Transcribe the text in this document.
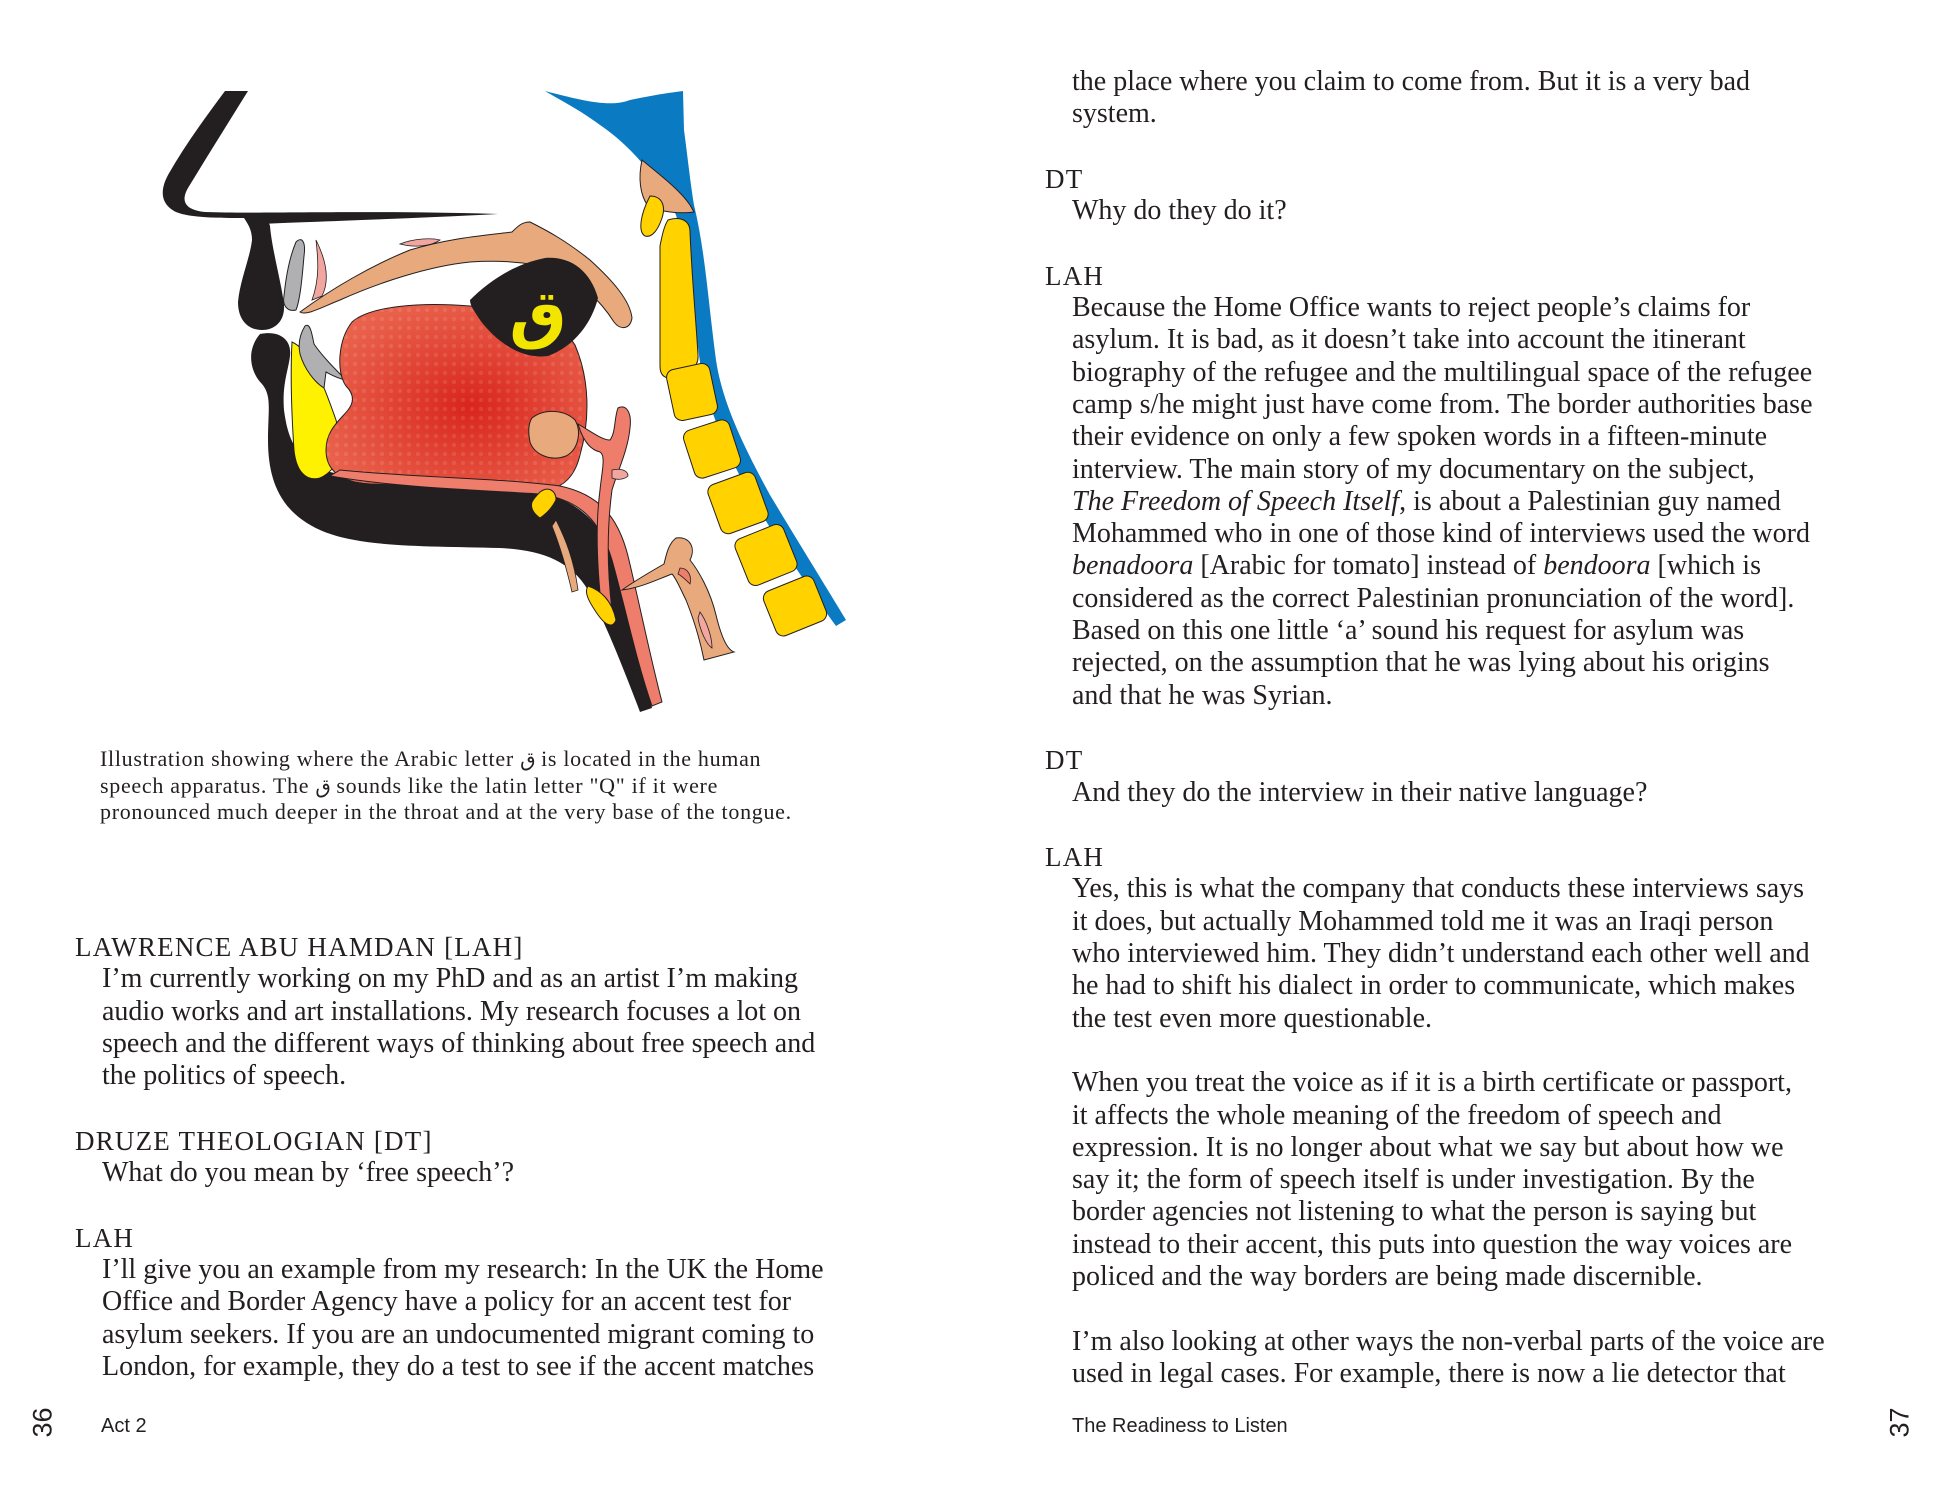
ق
Illustration showing where the Arabic letter ق is located in the human
speech apparatus. The ق sounds like the latin letter "Q" if it were
pronounced much deeper in the throat and at the very base of the tongue.
LAWRENCE ABU HAMDAN [LAH]
I’m currently working on my PhD and as an artist I’m making
audio works and art installations. My research focuses a lot on
speech and the different ways of thinking about free speech and
the politics of speech.
DRUZE THEOLOGIAN [DT]
What do you mean by ‘free speech’?
LAH
I’ll give you an example from my research: In the UK the Home
Office and Border Agency have a policy for an accent test for
asylum seekers. If you are an undocumented migrant coming to
London, for example, they do a test to see if the accent matches
36 Act 2
the place where you claim to come from. But it is a very bad
system.
DT
Why do they do it?
LAH
Because the Home Office wants to reject people’s claims for
asylum. It is bad, as it doesn’t take into account the itinerant
biography of the refugee and the multilingual space of the refugee
camp s/he might just have come from. The border authorities base
their evidence on only a few spoken words in a fifteen-minute
interview. The main story of my documentary on the subject,
The Freedom of Speech Itself, is about a Palestinian guy named
Mohammed who in one of those kind of interviews used the word
benadoora [Arabic for tomato] instead of bendoora [which is
considered as the correct Palestinian pronunciation of the word].
Based on this one little ‘a’ sound his request for asylum was
rejected, on the assumption that he was lying about his origins
and that he was Syrian.
DT
And they do the interview in their native language?
LAH
Yes, this is what the company that conducts these interviews says
it does, but actually Mohammed told me it was an Iraqi person
who interviewed him. They didn’t understand each other well and
he had to shift his dialect in order to communicate, which makes
the test even more questionable.
When you treat the voice as if it is a birth certificate or passport,
it affects the whole meaning of the freedom of speech and
expression. It is no longer about what we say but about how we
say it; the form of speech itself is under investigation. By the
border agencies not listening to what the person is saying but
instead to their accent, this puts into question the way voices are
policed and the way borders are being made discernible.
I’m also looking at other ways the non-verbal parts of the voice are
used in legal cases. For example, there is now a lie detector that
The Readiness to Listen	37
